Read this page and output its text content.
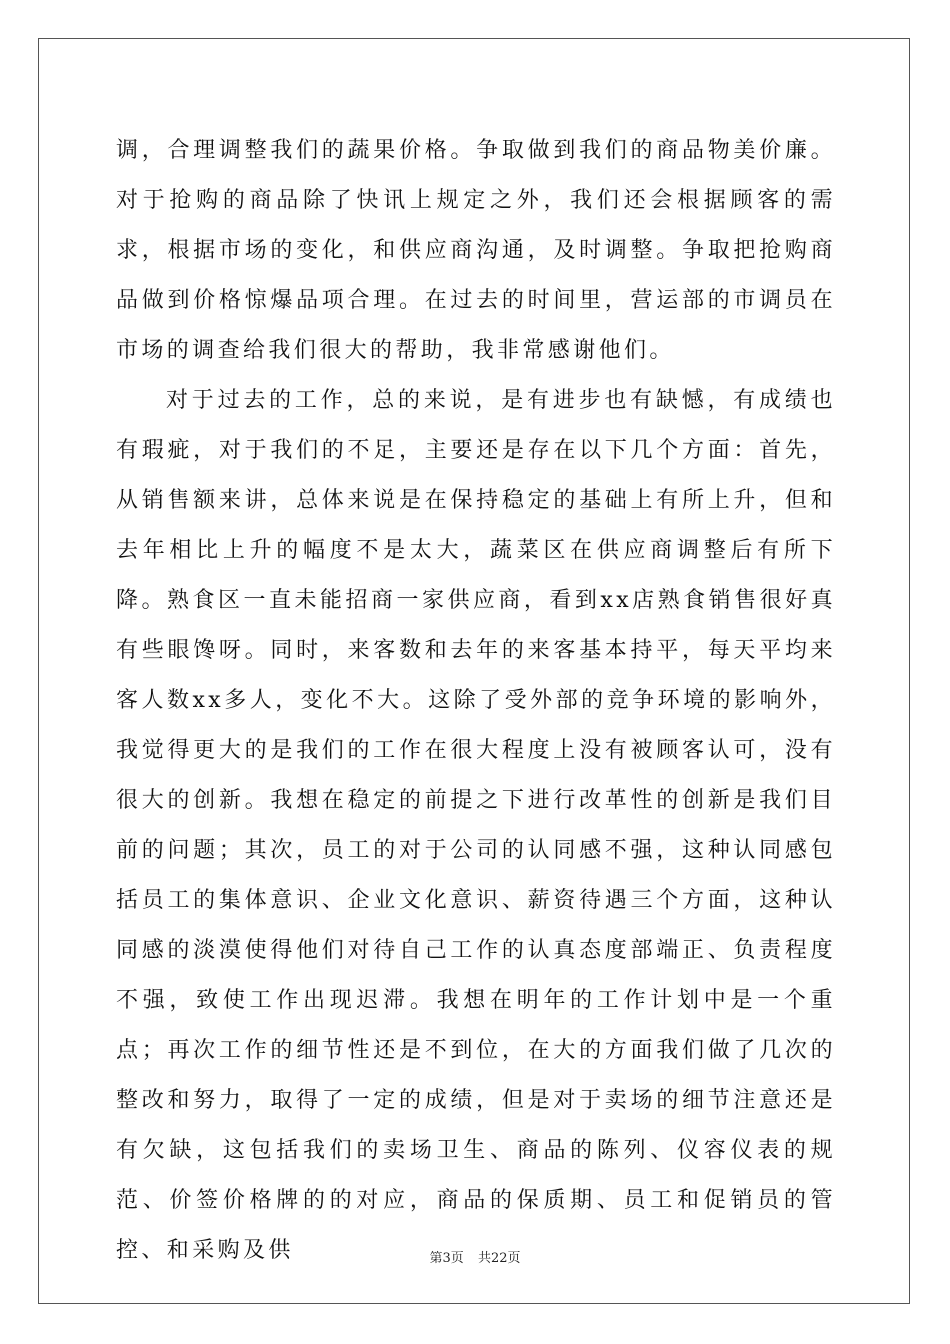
调，合理调整我们的蔬果价格。争取做到我们的商品物美价廉。对于抢购的商品除了快讯上规定之外，我们还会根据顾客的需求，根据市场的变化，和供应商沟通，及时调整。争取把抢购商品做到价格惊爆品项合理。在过去的时间里，营运部的市调员在市场的调查给我们很大的帮助，我非常感谢他们。

对于过去的工作，总的来说，是有进步也有缺憾，有成绩也有瑕疵，对于我们的不足，主要还是存在以下几个方面：首先，从销售额来讲，总体来说是在保持稳定的基础上有所上升，但和去年相比上升的幅度不是太大，蔬菜区在供应商调整后有所下降。熟食区一直未能招商一家供应商，看到xx店熟食销售很好真有些眼馋呀。同时，来客数和去年的来客基本持平，每天平均来客人数xx多人，变化不大。这除了受外部的竞争环境的影响外，我觉得更大的是我们的工作在很大程度上没有被顾客认可，没有很大的创新。我想在稳定的前提之下进行改革性的创新是我们目前的问题；其次，员工的对于公司的认同感不强，这种认同感包括员工的集体意识、企业文化意识、薪资待遇三个方面，这种认同感的淡漠使得他们对待自己工作的认真态度部端正、负责程度不强，致使工作出现迟滞。我想在明年的工作计划中是一个重点；再次工作的细节性还是不到位，在大的方面我们做了几次的整改和努力，取得了一定的成绩，但是对于卖场的细节注意还是有欠缺，这包括我们的卖场卫生、商品的陈列、仪容仪表的规范、价签价格牌的的对应，商品的保质期、员工和促销员的管控、和采购及供	第3页 共22页
